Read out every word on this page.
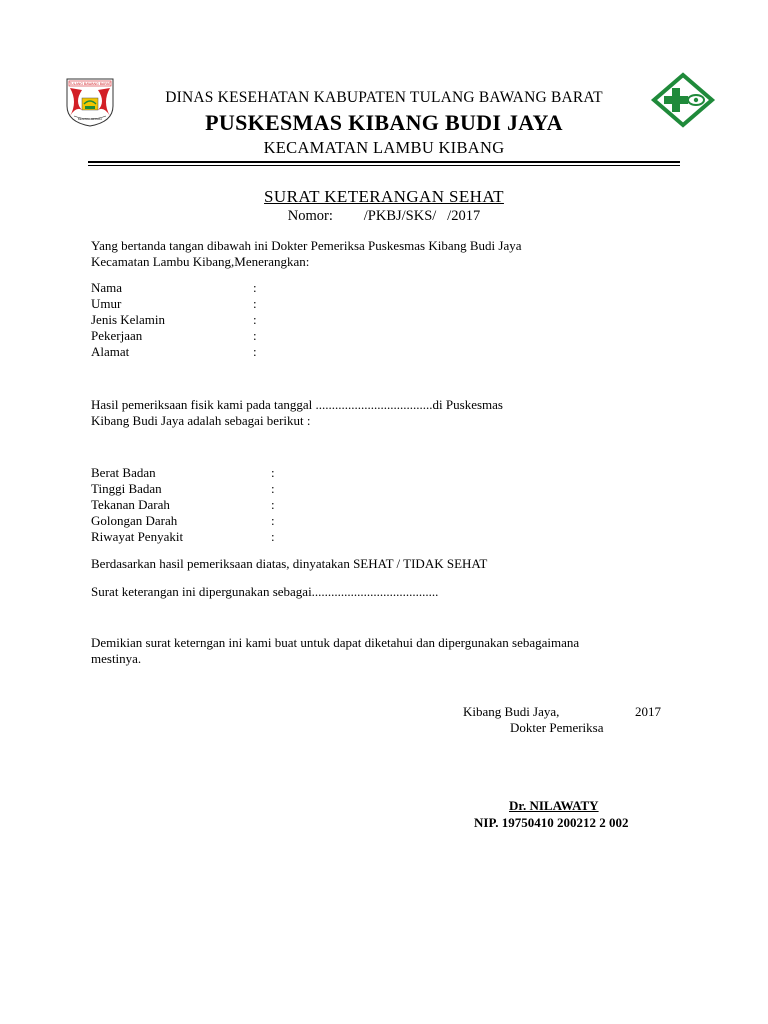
TULANG BAWANG BARAT
BEGAWI JEJAMA
DINAS KESEHATAN KABUPATEN TULANG BAWANG BARAT
PUSKESMAS KIBANG BUDI JAYA
KECAMATAN LAMBU KIBANG
SURAT KETERANGAN SEHAT
Nomor: /PKBJ/SKS/   /2017
Yang bertanda tangan dibawah ini Dokter Pemeriksa Puskesmas Kibang Budi Jaya
Kecamatan Lambu Kibang,Menerangkan:
Nama	:
Umur	:
Jenis Kelamin	:
Pekerjaan	:
Alamat	:
Hasil pemeriksaan fisik kami pada tanggal ....................................di Puskesmas
Kibang Budi Jaya adalah sebagai berikut :
Berat Badan	:
Tinggi Badan	:
Tekanan Darah	:
Golongan Darah	:
Riwayat Penyakit	:
Berdasarkan hasil pemeriksaan diatas, dinyatakan SEHAT / TIDAK SEHAT
Surat keterangan ini dipergunakan sebagai.......................................
Demikian surat keterngan ini kami buat untuk dapat diketahui dan dipergunakan sebagaimana
mestinya.
Kibang Budi Jaya,	2017
Dokter Pemeriksa
Dr. NILAWATY
NIP. 19750410 200212 2 002
